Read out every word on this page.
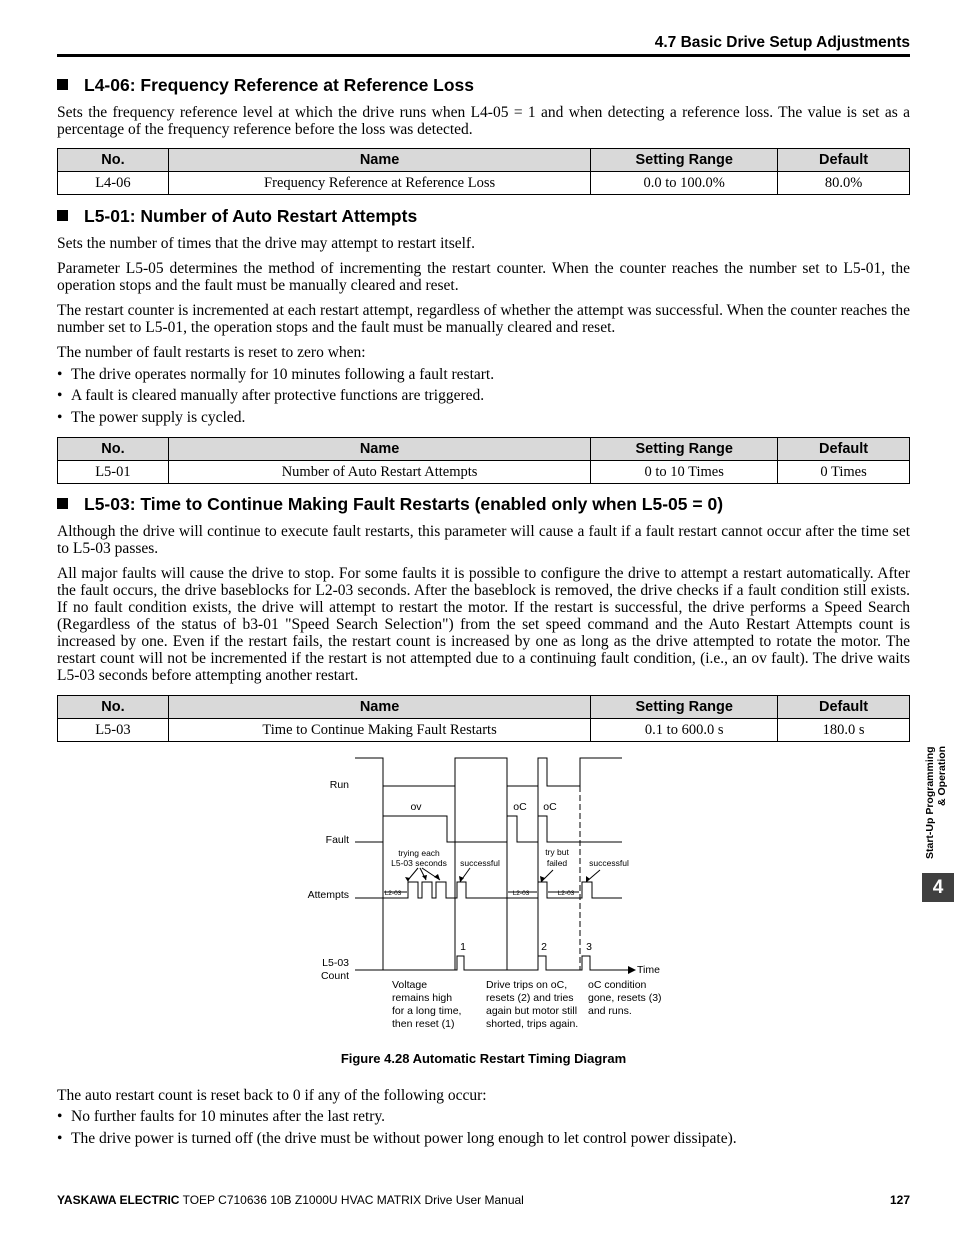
4.7 Basic Drive Setup Adjustments
L4-06: Frequency Reference at Reference Loss
Sets the frequency reference level at which the drive runs when L4-05 = 1 and when detecting a reference loss. The value is set as a percentage of the frequency reference before the loss was detected.
No.	Name	Setting Range	Default
L4-06	Frequency Reference at Reference Loss	0.0 to 100.0%	80.0%
L5-01: Number of Auto Restart Attempts
Sets the number of times that the drive may attempt to restart itself.
Parameter L5-05 determines the method of incrementing the restart counter. When the counter reaches the number set to L5-01, the operation stops and the fault must be manually cleared and reset.
The restart counter is incremented at each restart attempt, regardless of whether the attempt was successful. When the counter reaches the number set to L5-01, the operation stops and the fault must be manually cleared and reset.
The number of fault restarts is reset to zero when:
• The drive operates normally for 10 minutes following a fault restart.
• A fault is cleared manually after protective functions are triggered.
• The power supply is cycled.
No.	Name	Setting Range	Default
L5-01	Number of Auto Restart Attempts	0 to 10 Times	0 Times
L5-03: Time to Continue Making Fault Restarts (enabled only when L5-05 = 0)
Although the drive will continue to execute fault restarts, this parameter will cause a fault if a fault restart cannot occur after the time set to L5-03 passes.
All major faults will cause the drive to stop. For some faults it is possible to configure the drive to attempt a restart automatically. After the fault occurs, the drive baseblocks for L2-03 seconds. After the baseblock is removed, the drive checks if a fault condition still exists. If no fault condition exists, the drive will attempt to restart the motor. If the restart is successful, the drive performs a Speed Search (Regardless of the status of b3-01 "Speed Search Selection") from the set speed command and the Auto Restart Attempts count is increased by one. Even if the restart fails, the restart count is increased by one as long as the drive attempted to rotate the motor. The restart count will not be incremented if the restart is not attempted due to a continuing fault condition, (i.e., an ov fault). The drive waits L5-03 seconds before attempting another restart.
No.	Name	Setting Range	Default
L5-03	Time to Continue Making Fault Restarts	0.1 to 600.0 s	180.0 s
Run
Fault
Attempts
L5-03
Count	Time
ov	oC oC
trying each
L5-03 seconds successful
try but
failed	successful
L2-03	L2-03	L2-03
1	2	3
Voltage
remains high
for a long time,
then reset (1)
Drive trips on oC,
resets (2) and tries
again but motor still
shorted, trips again.
oC condition
gone, resets (3)
and runs.
Figure 4.28 Automatic Restart Timing Diagram
The auto restart count is reset back to 0 if any of the following occur:
• No further faults for 10 minutes after the last retry.
• The drive power is turned off (the drive must be without power long enough to let control power dissipate).
Start-Up Programming & Operation
4
YASKAWA ELECTRIC TOEP C710636 10B Z1000U HVAC MATRIX Drive User Manual	127
